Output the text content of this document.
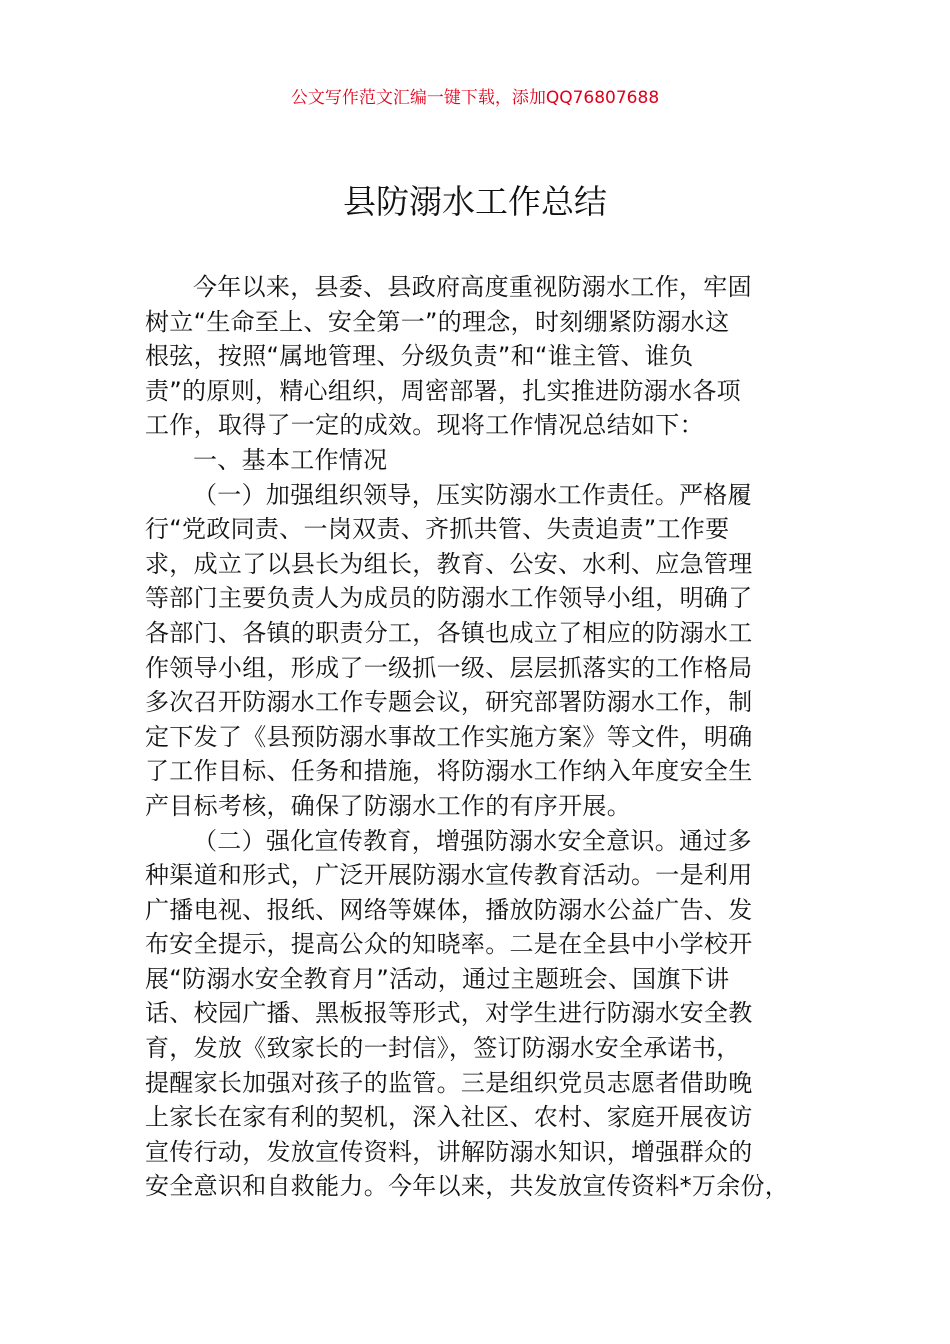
公文写作范文汇编一键下载，添加QQ76807688
县防溺水工作总结
今年以来，县委、县政府高度重视防溺水工作，牢固
树立“生命至上、安全第一”的理念，时刻绷紧防溺水这
根弦，按照“属地管理、分级负责”和“谁主管、谁负
责”的原则，精心组织，周密部署，扎实推进防溺水各项
工作，取得了一定的成效。现将工作情况总结如下：
一、基本工作情况
（一）加强组织领导，压实防溺水工作责任。严格履
行“党政同责、一岗双责、齐抓共管、失责追责”工作要
求，成立了以县长为组长，教育、公安、水利、应急管理
等部门主要负责人为成员的防溺水工作领导小组，明确了
各部门、各镇的职责分工，各镇也成立了相应的防溺水工
作领导小组，形成了一级抓一级、层层抓落实的工作格局
多次召开防溺水工作专题会议，研究部署防溺水工作，制
定下发了《县预防溺水事故工作实施方案》等文件，明确
了工作目标、任务和措施，将防溺水工作纳入年度安全生
产目标考核，确保了防溺水工作的有序开展。
（二）强化宣传教育，增强防溺水安全意识。通过多
种渠道和形式，广泛开展防溺水宣传教育活动。一是利用
广播电视、报纸、网络等媒体，播放防溺水公益广告、发
布安全提示，提高公众的知晓率。二是在全县中小学校开
展“防溺水安全教育月”活动，通过主题班会、国旗下讲
话、校园广播、黑板报等形式，对学生进行防溺水安全教
育，发放《致家长的一封信》，签订防溺水安全承诺书，
提醒家长加强对孩子的监管。三是组织党员志愿者借助晚
上家长在家有利的契机，深入社区、农村、家庭开展夜访
宣传行动，发放宣传资料，讲解防溺水知识，增强群众的
安全意识和自救能力。今年以来，共发放宣传资料*万余份，
